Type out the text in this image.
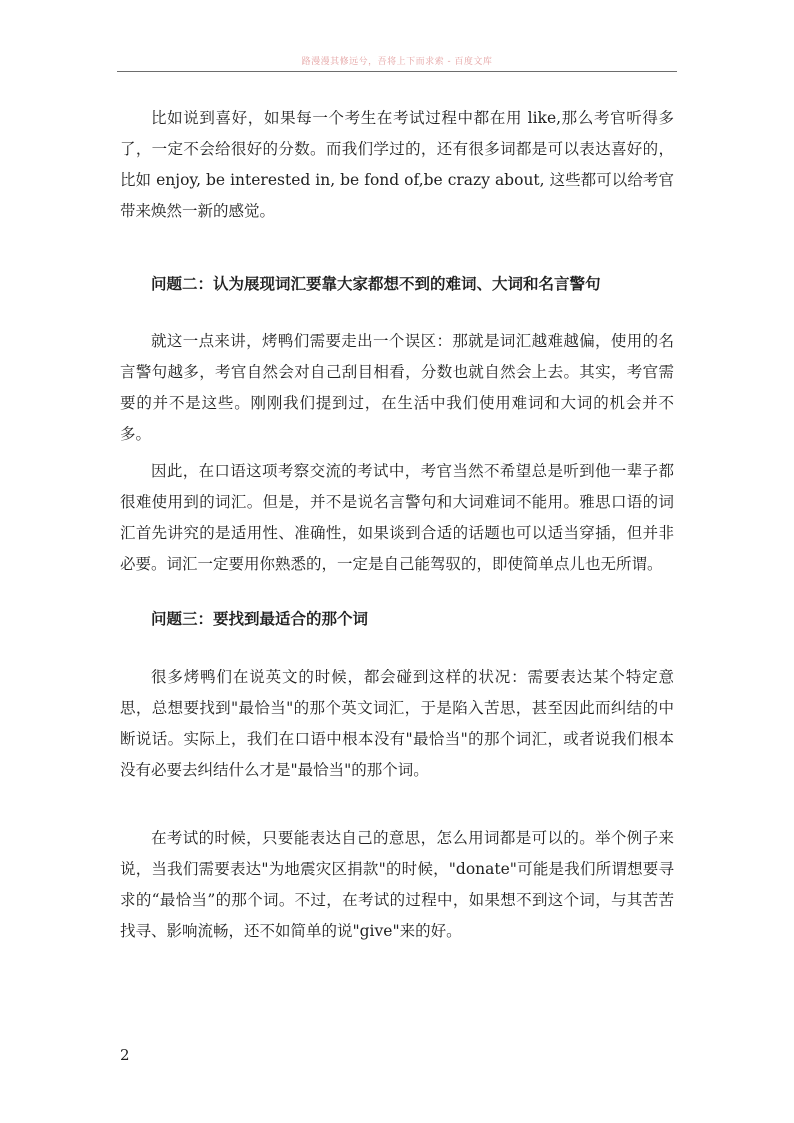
路漫漫其修远兮，吾将上下而求索 - 百度文库

比如说到喜好，如果每一个考生在考试过程中都在用 like,那么考官听得多了，一定不会给很好的分数。而我们学过的，还有很多词都是可以表达喜好的，比如 enjoy, be interested in, be fond of,be crazy about, 这些都可以给考官带来焕然一新的感觉。

问题二：认为展现词汇要靠大家都想不到的难词、大词和名言警句

就这一点来讲，烤鸭们需要走出一个误区：那就是词汇越难越偏，使用的名言警句越多，考官自然会对自己刮目相看，分数也就自然会上去。其实，考官需要的并不是这些。刚刚我们提到过，在生活中我们使用难词和大词的机会并不多。

因此，在口语这项考察交流的考试中，考官当然不希望总是听到他一辈子都很难使用到的词汇。但是，并不是说名言警句和大词难词不能用。雅思口语的词汇首先讲究的是适用性、准确性，如果谈到合适的话题也可以适当穿插，但并非必要。词汇一定要用你熟悉的，一定是自己能驾驭的，即使简单点儿也无所谓。

问题三：要找到最适合的那个词

很多烤鸭们在说英文的时候，都会碰到这样的状况：需要表达某个特定意思，总想要找到"最恰当"的那个英文词汇，于是陷入苦思，甚至因此而纠结的中断说话。实际上，我们在口语中根本没有"最恰当"的那个词汇，或者说我们根本没有必要去纠结什么才是"最恰当"的那个词。

在考试的时候，只要能表达自己的意思，怎么用词都是可以的。举个例子来说，当我们需要表达"为地震灾区捐款"的时候，"donate"可能是我们所谓想要寻求的“最恰当”的那个词。不过，在考试的过程中，如果想不到这个词，与其苦苦找寻、影响流畅，还不如简单的说"give"来的好。

2
